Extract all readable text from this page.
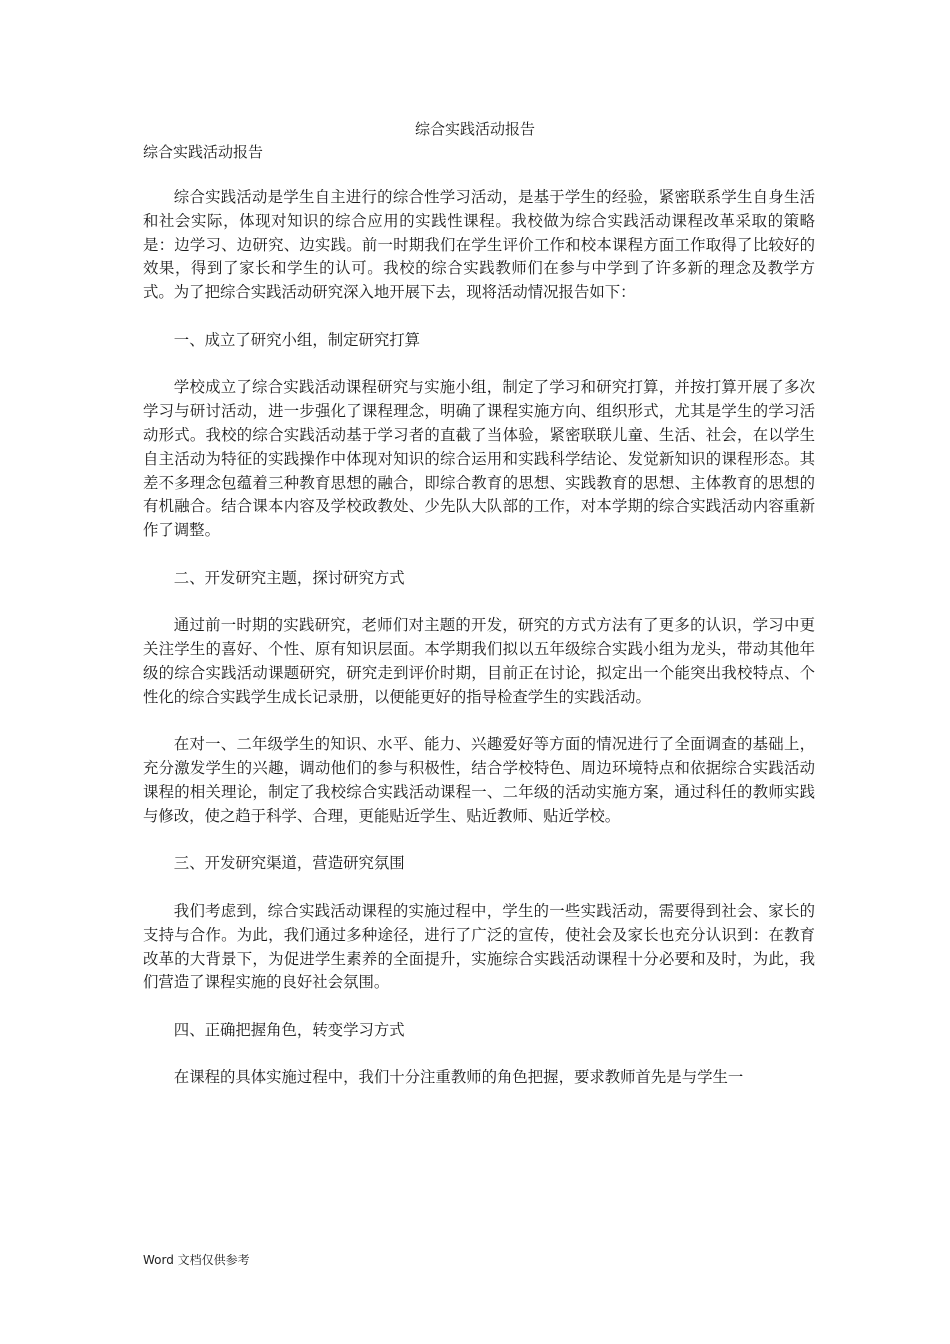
综合实践活动报告
综合实践活动报告

综合实践活动是学生自主进行的综合性学习活动，是基于学生的经验，紧密联系学生自身生活和社会实际，体现对知识的综合应用的实践性课程。我校做为综合实践活动课程改革采取的策略是：边学习、边研究、边实践。前一时期我们在学生评价工作和校本课程方面工作取得了比较好的效果，得到了家长和学生的认可。我校的综合实践教师们在参与中学到了许多新的理念及教学方式。为了把综合实践活动研究深入地开展下去，现将活动情况报告如下：

一、成立了研究小组，制定研究打算

学校成立了综合实践活动课程研究与实施小组，制定了学习和研究打算，并按打算开展了多次学习与研讨活动，进一步强化了课程理念，明确了课程实施方向、组织形式，尤其是学生的学习活动形式。我校的综合实践活动基于学习者的直截了当体验，紧密联联儿童、生活、社会，在以学生自主活动为特征的实践操作中体现对知识的综合运用和实践科学结论、发觉新知识的课程形态。其差不多理念包蕴着三种教育思想的融合，即综合教育的思想、实践教育的思想、主体教育的思想的有机融合。结合课本内容及学校政教处、少先队大队部的工作，对本学期的综合实践活动内容重新作了调整。

二、开发研究主题，探讨研究方式

通过前一时期的实践研究，老师们对主题的开发，研究的方式方法有了更多的认识，学习中更关注学生的喜好、个性、原有知识层面。本学期我们拟以五年级综合实践小组为龙头，带动其他年级的综合实践活动课题研究，研究走到评价时期，目前正在讨论，拟定出一个能突出我校特点、个性化的综合实践学生成长记录册，以便能更好的指导检查学生的实践活动。

在对一、二年级学生的知识、水平、能力、兴趣爱好等方面的情况进行了全面调查的基础上，充分激发学生的兴趣，调动他们的参与积极性，结合学校特色、周边环境特点和依据综合实践活动课程的相关理论，制定了我校综合实践活动课程一、二年级的活动实施方案，通过科任的教师实践与修改，使之趋于科学、合理，更能贴近学生、贴近教师、贴近学校。

三、开发研究渠道，营造研究氛围

我们考虑到，综合实践活动课程的实施过程中，学生的一些实践活动，需要得到社会、家长的支持与合作。为此，我们通过多种途径，进行了广泛的宣传，使社会及家长也充分认识到：在教育改革的大背景下，为促进学生素养的全面提升，实施综合实践活动课程十分必要和及时，为此，我们营造了课程实施的良好社会氛围。

四、正确把握角色，转变学习方式

在课程的具体实施过程中，我们十分注重教师的角色把握，要求教师首先是与学生一

Word 文档仅供参考
